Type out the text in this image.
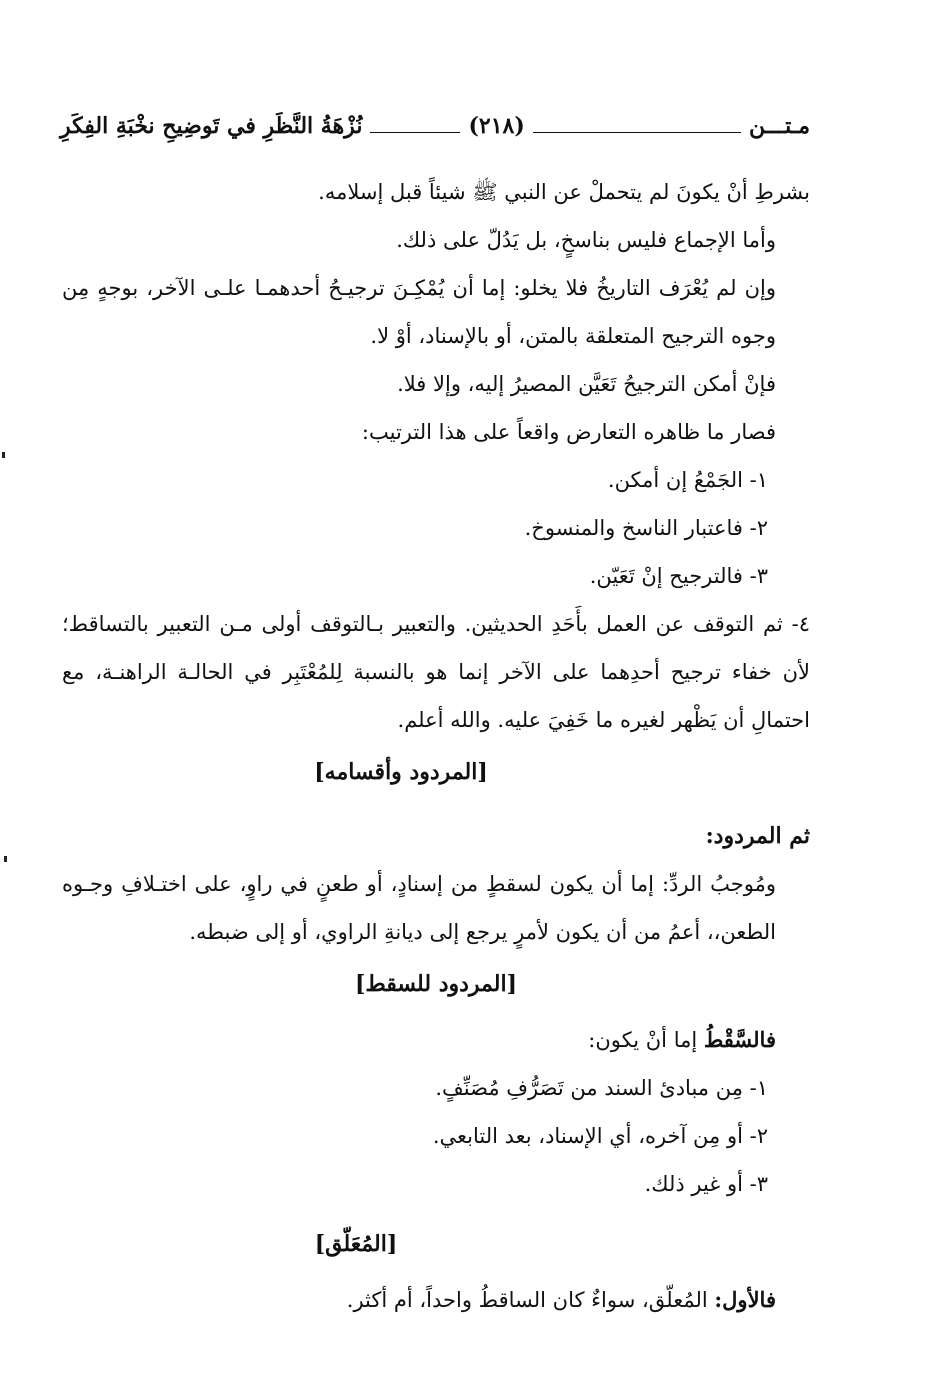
مـتـــن
(٢١٨)
نُزْهَةُ النَّظَرِ في تَوضِيحِ نخْبَةِ الفِكَرِ

بشرطِ أنْ يكونَ لم يتحملْ عن النبي ﷺ شيئاً قبل إسلامه.

وأما الإجماع فليس بناسخٍ، بل يَدُلّ على ذلك.

وإن لم يُعْرَف التاريخُ فلا يخلو: إما أن يُمْكِـنَ ترجيـحُ أحدهمـا علـى الآخر، بوجهٍ مِن وجوه الترجيح المتعلقة بالمتن، أو بالإسناد، أوْ لا.

فإنْ أمكن الترجيحُ تَعَيَّن المصيرُ إليه، وإلا فلا.

فصار ما ظاهره التعارض واقعاً على هذا الترتيب:

١- الجَمْعُ إن أمكن.

٢- فاعتبار الناسخ والمنسوخ.

٣- فالترجيح إنْ تَعَيّن.

٤- ثم التوقف عن العمل بأَحَدِ الحديثين. والتعبير بـالتوقف أولى مـن التعبير بالتساقط؛ لأن خفاء ترجيح أحدِهما على الآخر إنما هو بالنسبة لِلمُعْتَبِر في الحالـة الراهنـة، مع احتمالِ أن يَظْهر لغيره ما خَفِيَ عليه. والله أعلم.

[المردود وأقسامه]

ثم المردود:

ومُوجبُ الردِّ: إما أن يكون لسقطٍ من إسنادٍ، أو طعنٍ في راوٍ، على اختـلافِ وجـوه الطعن،، أعمُ من أن يكون لأمرٍ يرجع إلى ديانةِ الراوي، أو إلى ضبطه.

[المردود للسقط]

فالسَّقْطُ إما أنْ يكون:

١- مِن مبادئ السند من تَصَرُّفِ مُصَنِّفٍ.

٢- أو مِن آخره، أي الإسناد، بعد التابعي.

٣- أو غير ذلك.

[المُعَلّق]

فالأول: المُعلّق، سواءٌ كان الساقطُ واحداً، أم أكثر.
